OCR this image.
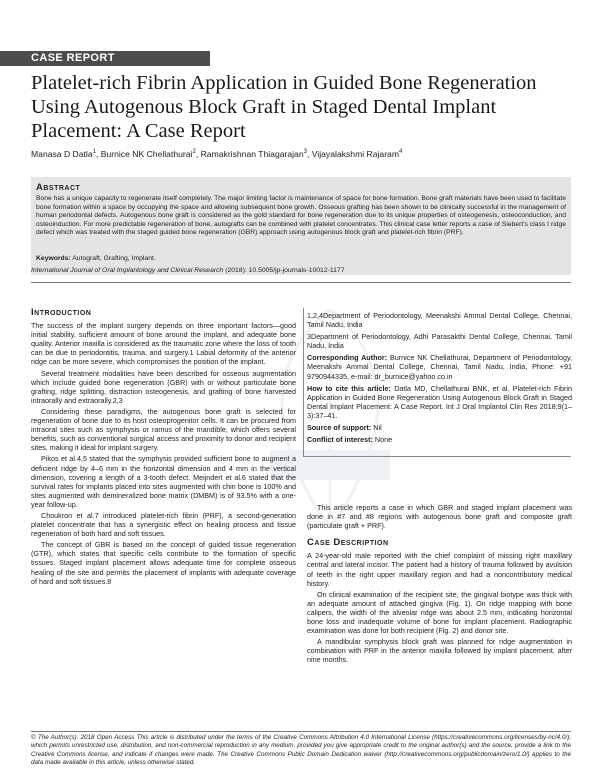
CASE REPORT
Platelet-rich Fibrin Application in Guided Bone Regeneration Using Autogenous Block Graft in Staged Dental Implant Placement: A Case Report
Manasa D Datla$^1$, Burnice NK Chellathurai$^2$, Ramakrishnan Thiagarajan$^3$, Vijayalakshmi Rajaram$^4$
Abstract
Bone has a unique capacity to regenerate itself completely. The major limiting factor is maintenance of space for bone formation. Bone graft materials have been used to facilitate bone formation within a space by occupying the space and allowing subsequent bone growth. Osseous grafting has been shown to be clinically successful in the management of human periodontal defects. Autogenous bone graft is considered as the gold standard for bone regeneration due to its unique properties of osteogenesis, osteoconduction, and osteoinduction. For more predictable regeneration of bone, autografts can be combined with platelet concentrates. This clinical case letter reports a case of Siebert's class I ridge defect which was treated with the staged guided bone regeneration (GBR) approach using autogenous block graft and platelet-rich fibrin (PRF).
Keywords: Autograft, Grafting, Implant.
International Journal of Oral Implantology and Clinical Research (2018): 10.5005/jp-journals-10012-1177
Introduction

The success of the implant surgery depends on three important factors—good initial stability, sufficient amount of bone around the implant, and adequate bone quality. Anterior maxilla is considered as the traumatic zone where the loss of tooth can be due to periodontitis, trauma, and surgery.1 Labial deformity of the anterior ridge can be more severe, which compromises the position of the implant.

Several treatment modalities have been described for osseous augmentation which include guided bone regeneration (GBR) with or without particulate bone grafting, ridge splitting, distraction osteogenesis, and grafting of bone harvested intraorally and extraorally.2,3

Considering these paradigms, the autogenous bone graft is selected for regeneration of bone due to its host osteoprogenitor cells. It can be procured from intraoral sites such as symphysis or ramus of the mandible, which offers several benefits, such as conventional surgical access and proximity to donor and recipient sites, making it ideal for implant surgery.

Pikos et al.4,5 stated that the symphysis provided sufficient bone to augment a deficient ridge by 4–6 mm in the horizontal dimension and 4 mm in the vertical dimension, covering a length of a 3-tooth defect. Meijndert et al.6 stated that the survival rates for implants placed into sites augmented with chin bone is 100% and sites augmented with demineralized bone matrix (DMBM) is of 93.5% with a one-year follow-up.

Choukron et al.7 introduced platelet-rich fibrin (PRF), a second-generation platelet concentrate that has a synergistic effect on healing process and tissue regeneration of both hard and soft tissues.

The concept of GBR is based on the concept of guided tissue regeneration (GTR), which states that specific cells contribute to the formation of specific tissues. Staged implant placement allows adequate time for complete osseous healing of the site and permits the placement of implants with adequate coverage of hard and soft tissues.8

1,2,4Department of Periodontology, Meenakshi Ammal Dental College, Chennai, Tamil Nadu, India

3Department of Periodontology, Adhi Parasakthi Dental College, Chennai, Tamil Nadu, India

Corresponding Author: Burnice NK Chellathurai, Department of Periodontology, Meenakshi Ammal Dental College, Chennai, Tamil Nadu, India, Phone: +91 9790944335, e-mail: dr_burnice@yahoo.co.in

How to cite this article: Datla MD, Chellathurai BNK, et al. Platelet-rich Fibrin Application in Guided Bone Regeneration Using Autogenous Block Graft in Staged Dental Implant Placement: A Case Report. Int J Oral Implantol Clin Res 2018;9(1–3):37–41.

Source of support: Nil

Conflict of interest: None

This article reports a case in which GBR and staged implant placement was done in #7 and #8 regions with autogenous bone graft and composite graft (particulate graft + PRF).

Case Description

A 24-year-old male reported with the chief complaint of missing right maxillary central and lateral incisor. The patient had a history of trauma followed by avulsion of teeth in the right upper maxillary region and had a noncontributory medical history.

On clinical examination of the recipient site, the gingival biotype was thick with an adequate amount of attached gingiva (Fig. 1). On ridge mapping with bone calipers, the width of the alveolar ridge was about 2.5 mm, indicating horizontal bone loss and inadequate volume of bone for implant placement. Radiographic examination was done for both recipient (Fig. 2) and donor site.

A mandibular symphysis block graft was planned for ridge augmentation in combination with PRF in the anterior maxilla followed by implant placement, after nine months.

© The Author(s). 2018 Open Access This article is distributed under the terms of the Creative Commons Attribution 4.0 International License (https://creativecommons.org/licenses/by-nc/4.0/), which permits unrestricted use, distribution, and non-commercial reproduction in any medium, provided you give appropriate credit to the original author(s) and the source, provide a link to the Creative Commons license, and indicate if changes were made. The Creative Commons Public Domain Dedication waiver (http://creativecommons.org/publicdomain/zero/1.0/) applies to the data made available in this article, unless otherwise stated.
